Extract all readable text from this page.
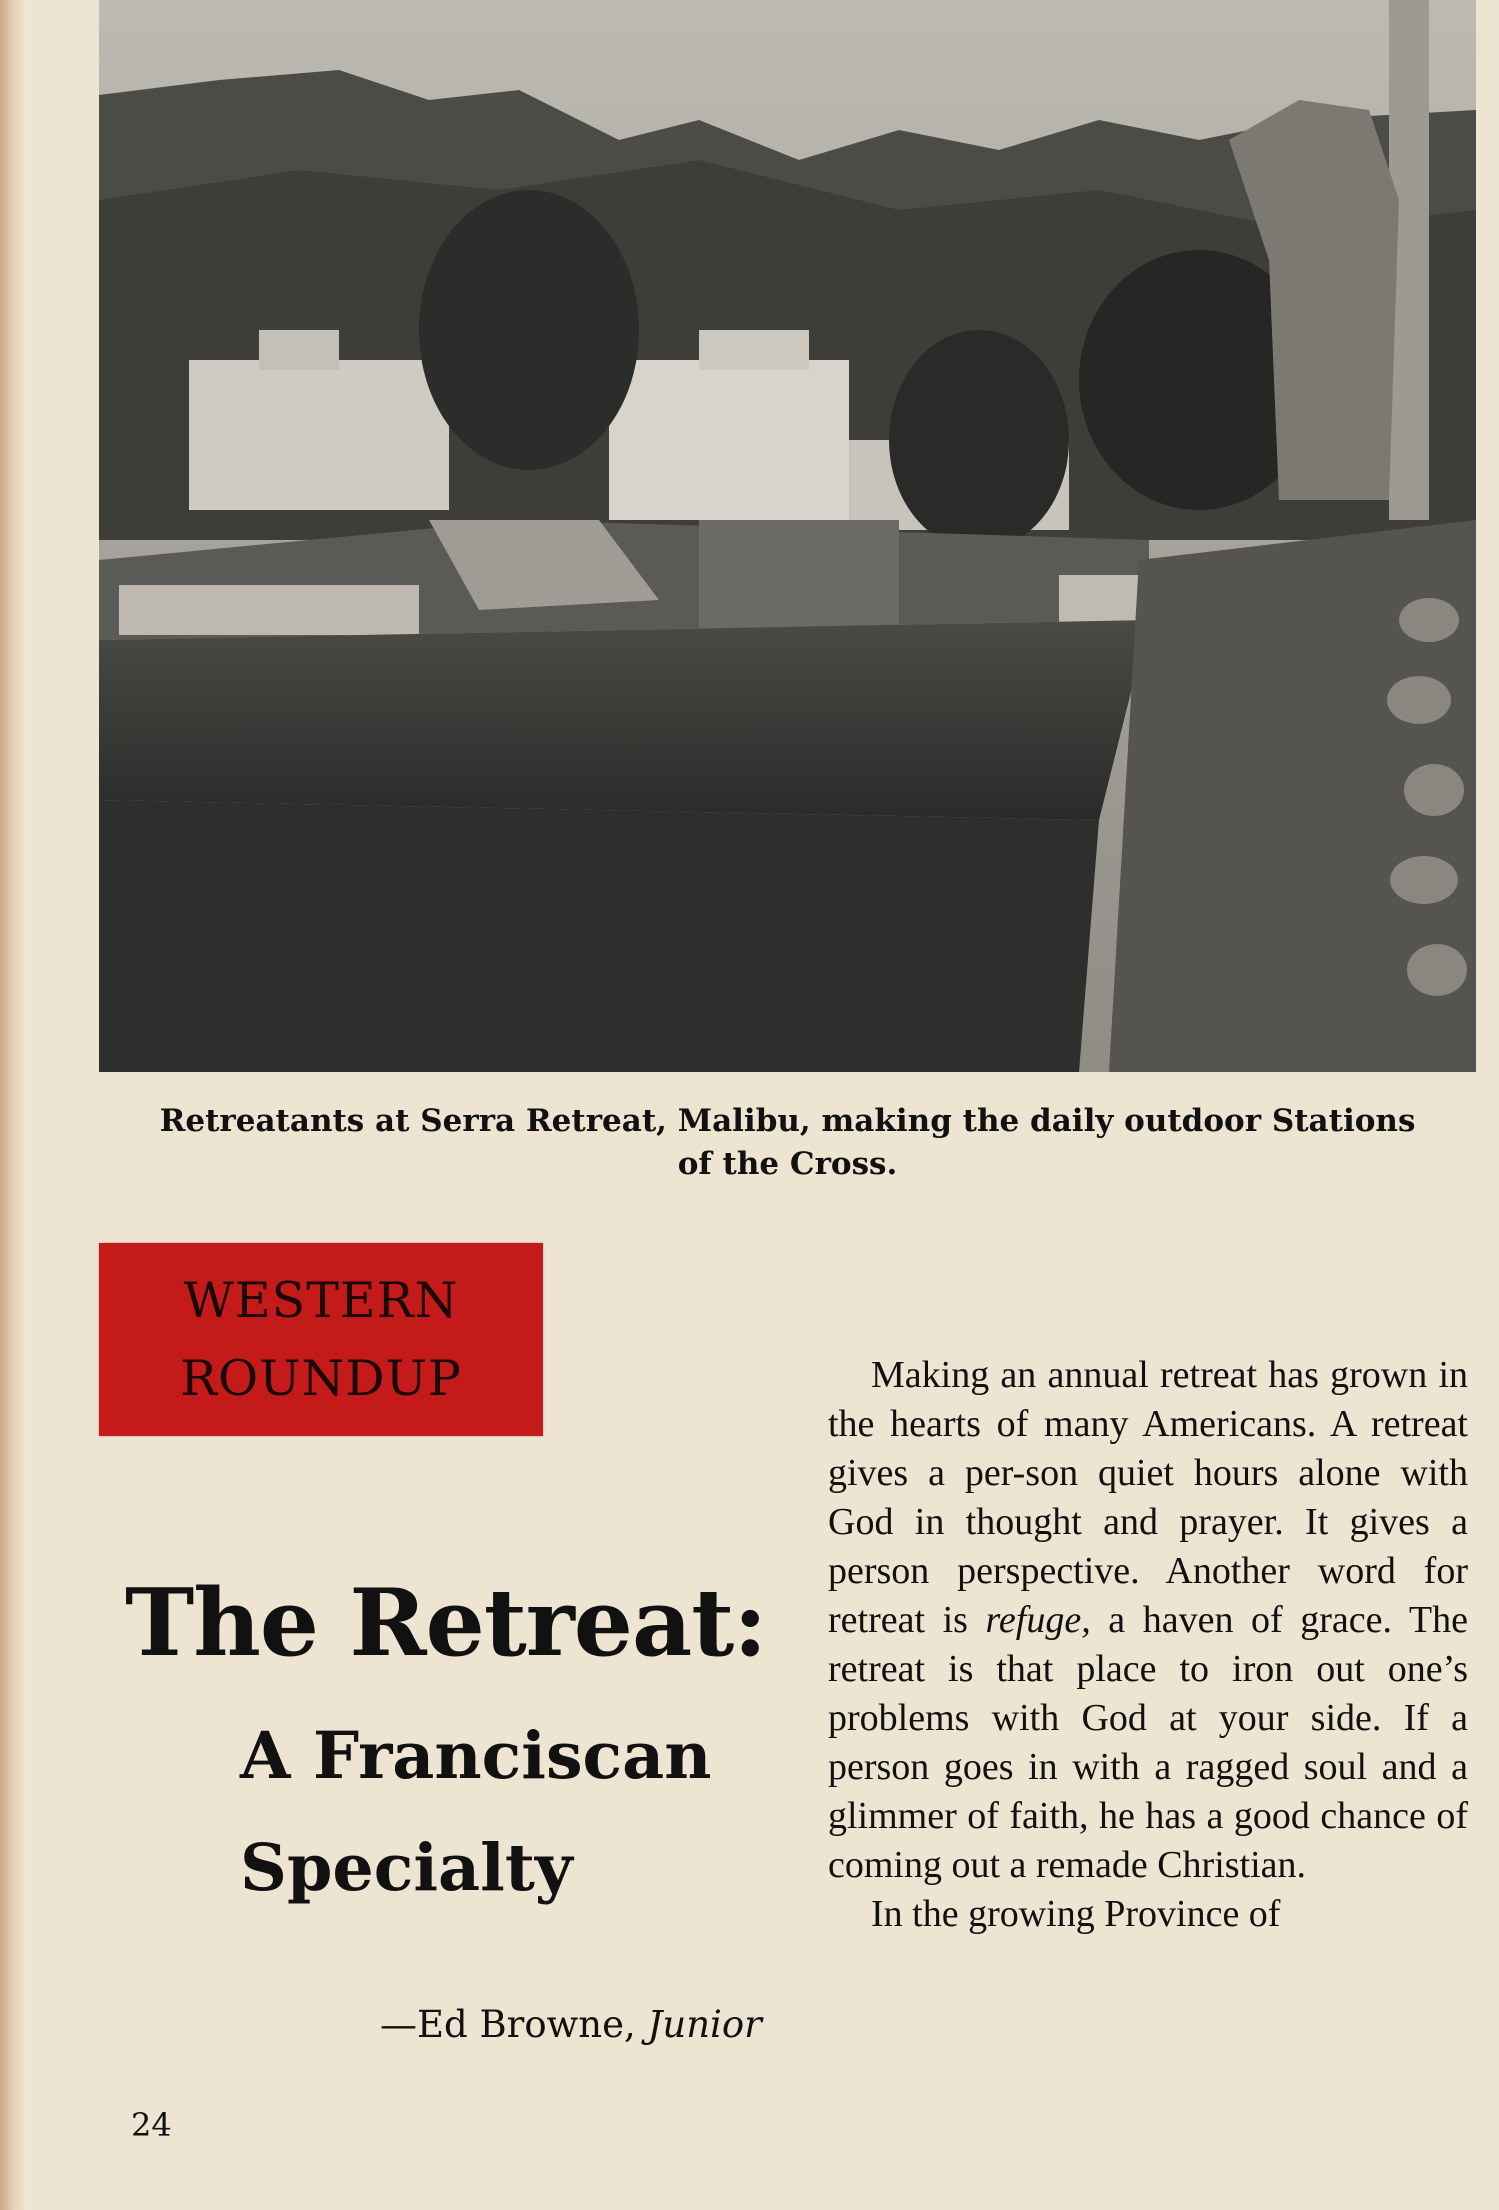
Retreatants at Serra Retreat, Malibu, making the daily outdoor Stations
of the Cross.
WESTERN
ROUNDUP
The Retreat:
A Franciscan
Specialty
—Ed Browne, Junior

Making an annual retreat has grown in the hearts of many Americans. A retreat gives a per-son quiet hours alone with God in thought and prayer. It gives a person perspective. Another word for retreat is refuge, a haven of grace. The retreat is that place to iron out one’s problems with God at your side. If a person goes in with a ragged soul and a glimmer of faith, he has a good chance of coming out a remade Christian.

In the growing Province of

24
